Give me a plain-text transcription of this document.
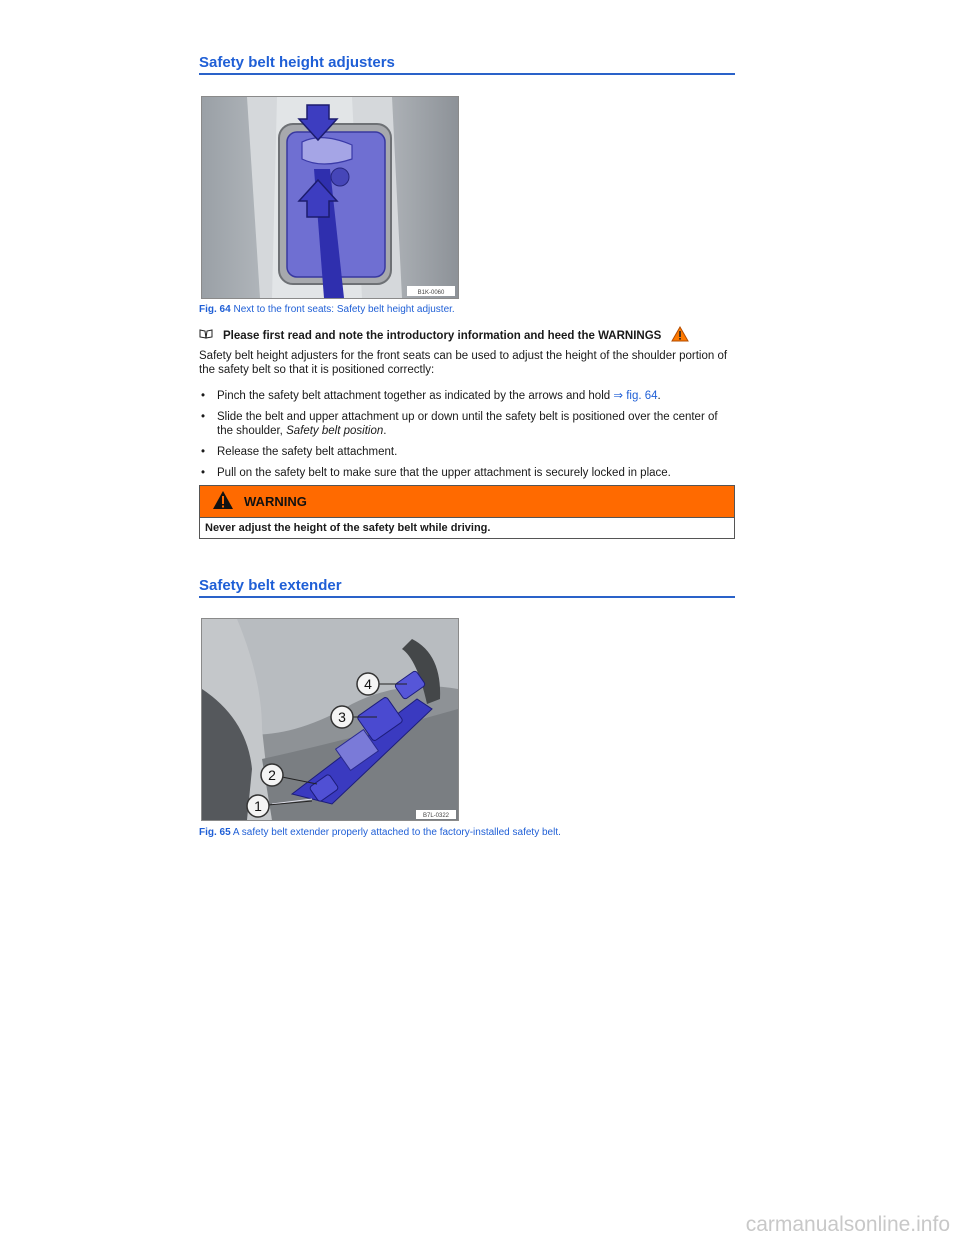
Safety belt height adjusters
B1K-0060

Fig. 64 Next to the front seats: Safety belt height adjuster.

Please first read and note the introductory information and heed the WARNINGS

Safety belt height adjusters for the front seats can be used to adjust the height of the shoulder portion of the safety belt so that it is positioned correctly:

• Pinch the safety belt attachment together as indicated by the arrows and hold ⇒ fig. 64.
• Slide the belt and upper attachment up or down until the safety belt is positioned over the center of the shoulder, Safety belt position.
• Release the safety belt attachment.
• Pull on the safety belt to make sure that the upper attachment is securely locked in place.
WARNING
Never adjust the height of the safety belt while driving.
Safety belt extender
1
2
3
4
B7L-0322

Fig. 65 A safety belt extender properly attached to the factory-installed safety belt.

carmanualsonline.info
